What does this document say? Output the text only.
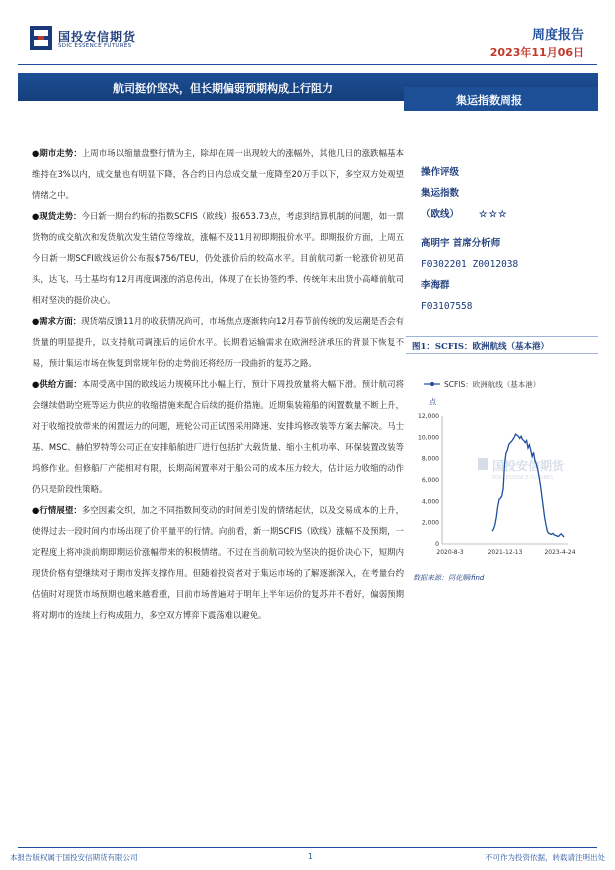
国投安信期货
SDIC ESSENCE FUTURES
周度报告
2023年11月06日
航司挺价坚决，但长期偏弱预期构成上行阻力
集运指数周报

●期市走势：上周市场以缩量盘整行情为主，除却在周一出现较大的涨幅外，其他几日的涨跌幅基本维持在3%以内，成交量也有明显下降，各合约日内总成交量一度降至20万手以下，多空双方处观望情绪之中。

●现货走势：今日新一期台约标的指数SCFIS（欧线）报653.73点，考虑到结算机制的问题，如一票货物的成交航次和发货航次发生错位等缘故，涨幅不及11月初即期报价水平。即期报价方面，上周五今日新一期SCFI欧线运价公布报$756/TEU，仍处涨价后的较高水平。目前航司新一轮涨价初见苗头，达飞、马士基均有12月再度调涨的消息传出，体现了在长协签约季、传统年末出货小高峰前航司相对坚决的挺价决心。

●需求方面：现货端反馈11月的收获情况尚可，市场焦点逐渐转向12月春节前传统的发运潮是否会有货量的明显提升，以支持航司调涨后的运价水平。长期看运输需求在欧洲经济承压的背景下恢复不易，预计集运市场在恢复到常规年份的走势前还将经历一段曲折的复苏之路。

●供给方面：本周受离中国的欧线运力规模环比小幅上行，预计下周投放量将大幅下滑。预计航司将会继续借助空班等运力供应的收缩措施来配合后续的挺价措施。近期集装箱船的闲置数量不断上升，对于收缩投放带来的闲置运力的问题，班轮公司正试图采用降速、安排坞修改装等方案去解决。马士基、MSC、赫伯罗特等公司正在安排船舶进厂进行包括扩大载货量、缩小主机功率、环保装置改装等坞修作业。但修船厂产能相对有限，长期高闲置率对于船公司的成本压力较大，估计运力收缩的动作仍只是阶段性策略。

●行情展望：多空因素交织，加之不同指数间变动的时间差引发的情绪起伏，以及交易成本的上升，使得过去一段时间内市场出现了价平量平的行情。向前看，新一期SCFIS（欧线）涨幅不及预期，一定程度上将冲淡前期即期运价涨幅带来的积极情绪。不过在当前航司较为坚决的挺价决心下，短期内现货价格有望继续对于期市发挥支撑作用。但随着投资者对于集运市场的了解逐渐深入，在考量台约估值时对现货市场预期也越来越看重，目前市场普遍对于明年上半年运价的复苏并不看好，偏弱预期将对期市的连续上行构成阻力，多空双方博弈下震荡难以避免。

操作评级
集运指数
（欧线） ☆☆☆
高明宇 首席分析师
F0302201 Z0012038
李海群
F03107558
图1：SCFIS：欧洲航线（基本港）
国投安信期货
SDIC ESSENCE FUTURES
SCFIS：欧洲航线（基本港）
点
0
2,000
4,000
6,000
8,000
10,000
12,000
2020-8-3	2021-12-13	2023-4-24
数据来源：同花顺ifind
本报告版权属于国投安信期货有限公司	1	不可作为投资依据，转载请注明出处
